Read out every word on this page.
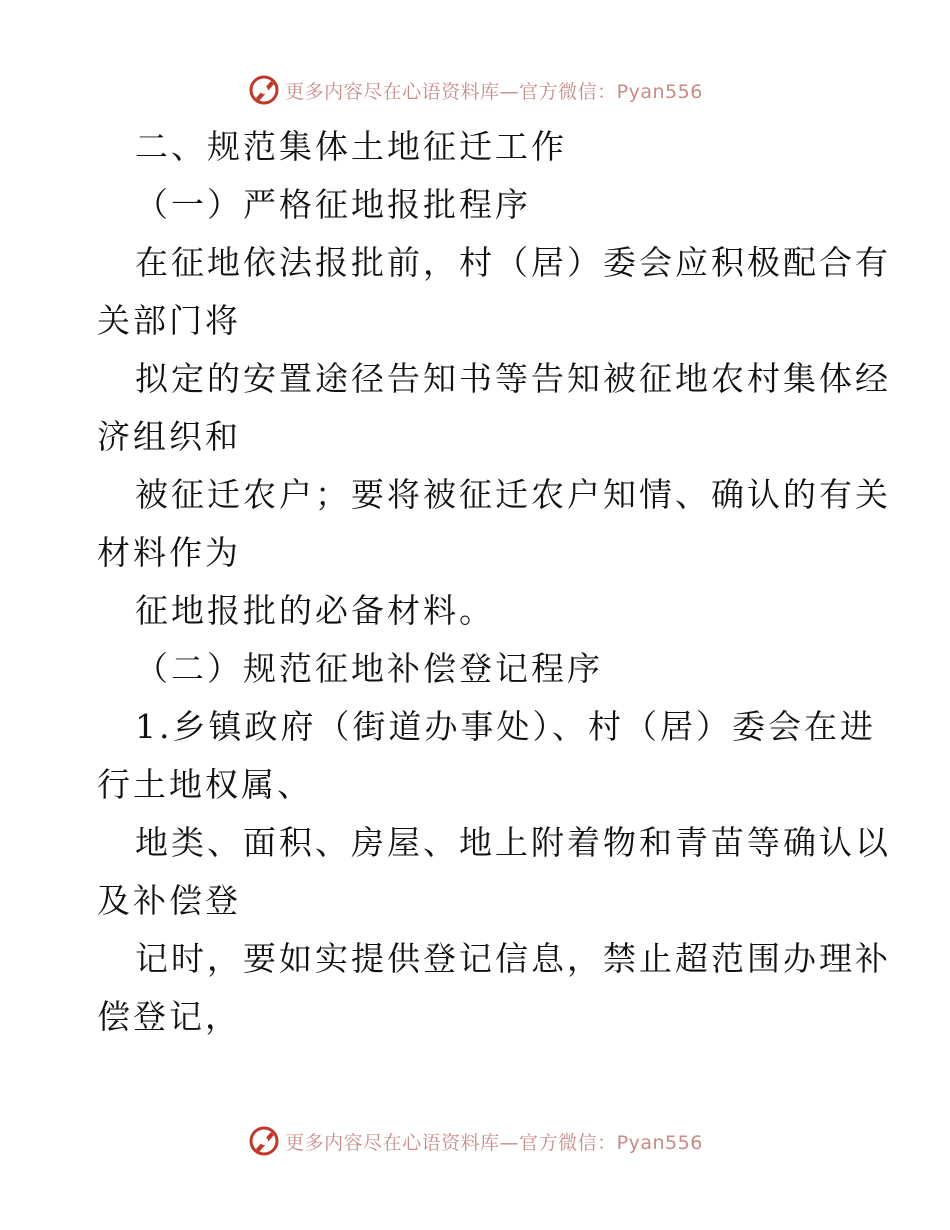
更多内容尽在心语资料库—官方微信：Pyan556
二、规范集体土地征迁工作
（一）严格征地报批程序
在征地依法报批前，村（居）委会应积极配合有
关部门将
拟定的安置途径告知书等告知被征地农村集体经
济组织和
被征迁农户；要将被征迁农户知情、确认的有关
材料作为
征地报批的必备材料。
（二）规范征地补偿登记程序
1.乡镇政府（街道办事处）、村（居）委会在进
行土地权属、
地类、面积、房屋、地上附着物和青苗等确认以
及补偿登
记时，要如实提供登记信息，禁止超范围办理补
偿登记，
更多内容尽在心语资料库—官方微信：Pyan556
